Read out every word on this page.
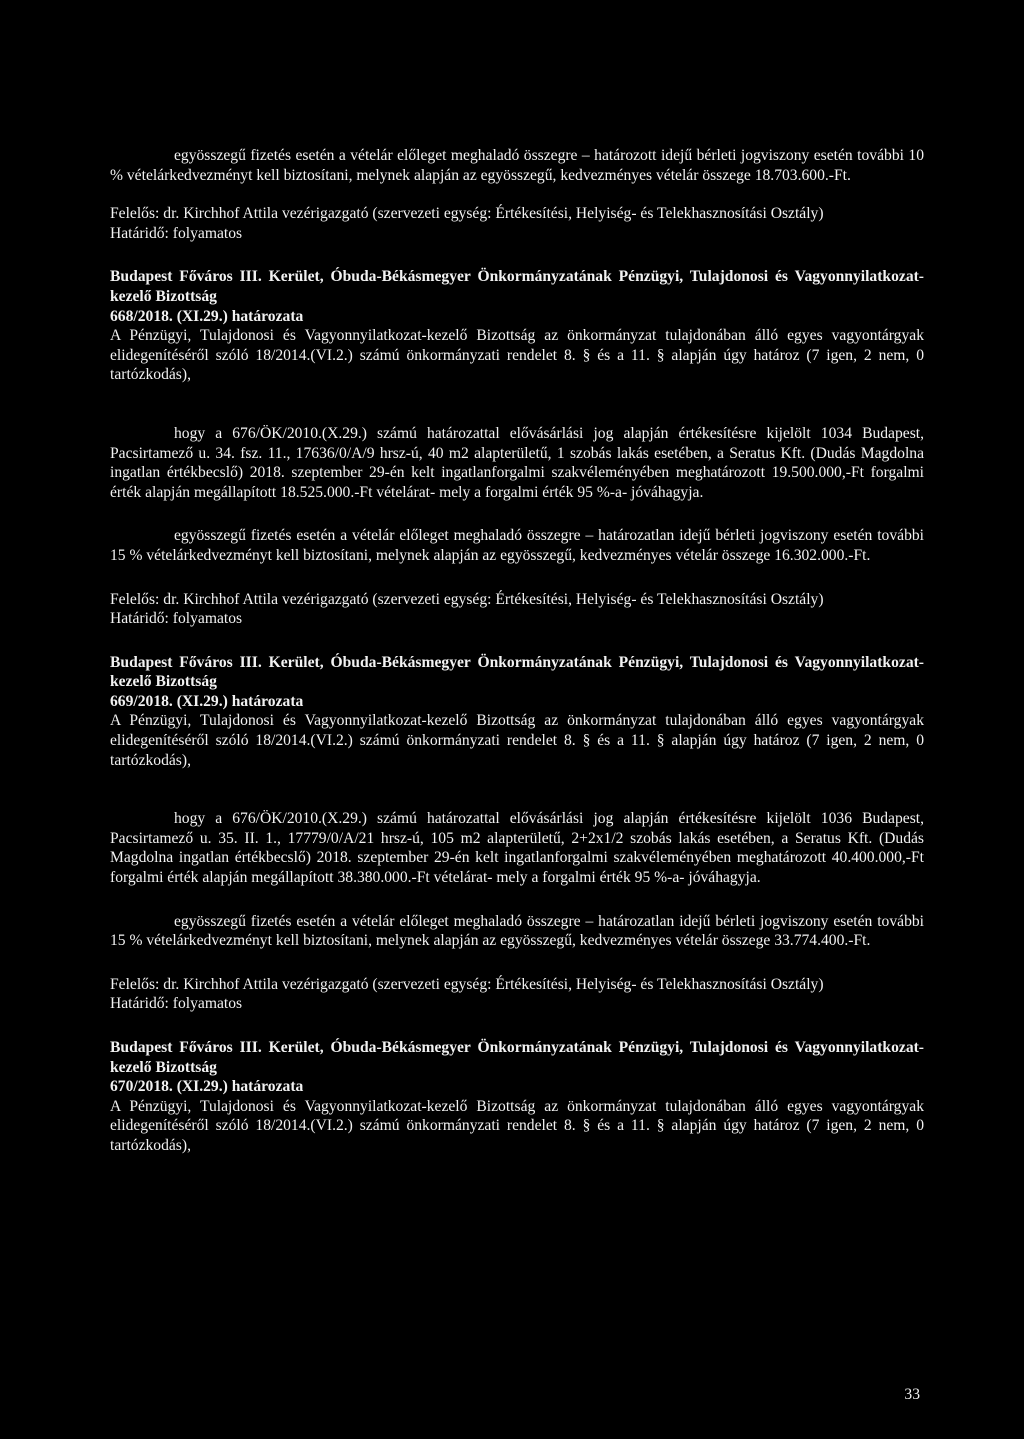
egyösszegű fizetés esetén a vételár előleget meghaladó összegre – határozott idejű bérleti jogviszony esetén további 10 % vételárkedvezményt kell biztosítani, melynek alapján az egyösszegű, kedvezményes vételár összege 18.703.600.-Ft.

Felelős: dr. Kirchhof Attila vezérigazgató (szervezeti egység: Értékesítési, Helyiség- és Telekhasznosítási Osztály)

Határidő: folyamatos

Budapest Főváros III. Kerület, Óbuda-Békásmegyer Önkormányzatának Pénzügyi, Tulajdonosi és Vagyonnyilatkozat-kezelő Bizottság

668/2018. (XI.29.) határozata

A Pénzügyi, Tulajdonosi és Vagyonnyilatkozat-kezelő Bizottság az önkormányzat tulajdonában álló egyes vagyontárgyak elidegenítéséről szóló 18/2014.(VI.2.) számú önkormányzati rendelet 8. § és a 11. § alapján úgy határoz (7 igen, 2 nem, 0 tartózkodás),

hogy a 676/ÖK/2010.(X.29.) számú határozattal elővásárlási jog alapján értékesítésre kijelölt 1034 Budapest, Pacsirtamező u. 34. fsz. 11., 17636/0/A/9 hrsz-ú, 40 m2 alapterületű, 1 szobás lakás esetében, a Seratus Kft. (Dudás Magdolna ingatlan értékbecslő) 2018. szeptember 29-én kelt ingatlanforgalmi szakvéleményében meghatározott 19.500.000,-Ft forgalmi érték alapján megállapított 18.525.000.-Ft vételárat- mely a forgalmi érték 95 %-a- jóváhagyja.

egyösszegű fizetés esetén a vételár előleget meghaladó összegre – határozatlan idejű bérleti jogviszony esetén további 15 % vételárkedvezményt kell biztosítani, melynek alapján az egyösszegű, kedvezményes vételár összege 16.302.000.-Ft.

Felelős: dr. Kirchhof Attila vezérigazgató (szervezeti egység: Értékesítési, Helyiség- és Telekhasznosítási Osztály)

Határidő: folyamatos

Budapest Főváros III. Kerület, Óbuda-Békásmegyer Önkormányzatának Pénzügyi, Tulajdonosi és Vagyonnyilatkozat-kezelő Bizottság

669/2018. (XI.29.) határozata

A Pénzügyi, Tulajdonosi és Vagyonnyilatkozat-kezelő Bizottság az önkormányzat tulajdonában álló egyes vagyontárgyak elidegenítéséről szóló 18/2014.(VI.2.) számú önkormányzati rendelet 8. § és a 11. § alapján úgy határoz (7 igen, 2 nem, 0 tartózkodás),

hogy a 676/ÖK/2010.(X.29.) számú határozattal elővásárlási jog alapján értékesítésre kijelölt 1036 Budapest, Pacsirtamező u. 35. II. 1., 17779/0/A/21 hrsz-ú, 105 m2 alapterületű, 2+2x1/2 szobás lakás esetében, a Seratus Kft. (Dudás Magdolna ingatlan értékbecslő) 2018. szeptember 29-én kelt ingatlanforgalmi szakvéleményében meghatározott 40.400.000,-Ft forgalmi érték alapján megállapított 38.380.000.-Ft vételárat- mely a forgalmi érték 95 %-a- jóváhagyja.

egyösszegű fizetés esetén a vételár előleget meghaladó összegre – határozatlan idejű bérleti jogviszony esetén további 15 % vételárkedvezményt kell biztosítani, melynek alapján az egyösszegű, kedvezményes vételár összege 33.774.400.-Ft.

Felelős: dr. Kirchhof Attila vezérigazgató (szervezeti egység: Értékesítési, Helyiség- és Telekhasznosítási Osztály)

Határidő: folyamatos

Budapest Főváros III. Kerület, Óbuda-Békásmegyer Önkormányzatának Pénzügyi, Tulajdonosi és Vagyonnyilatkozat-kezelő Bizottság

670/2018. (XI.29.) határozata

A Pénzügyi, Tulajdonosi és Vagyonnyilatkozat-kezelő Bizottság az önkormányzat tulajdonában álló egyes vagyontárgyak elidegenítéséről szóló 18/2014.(VI.2.) számú önkormányzati rendelet 8. § és a 11. § alapján úgy határoz (7 igen, 2 nem, 0 tartózkodás),

33
